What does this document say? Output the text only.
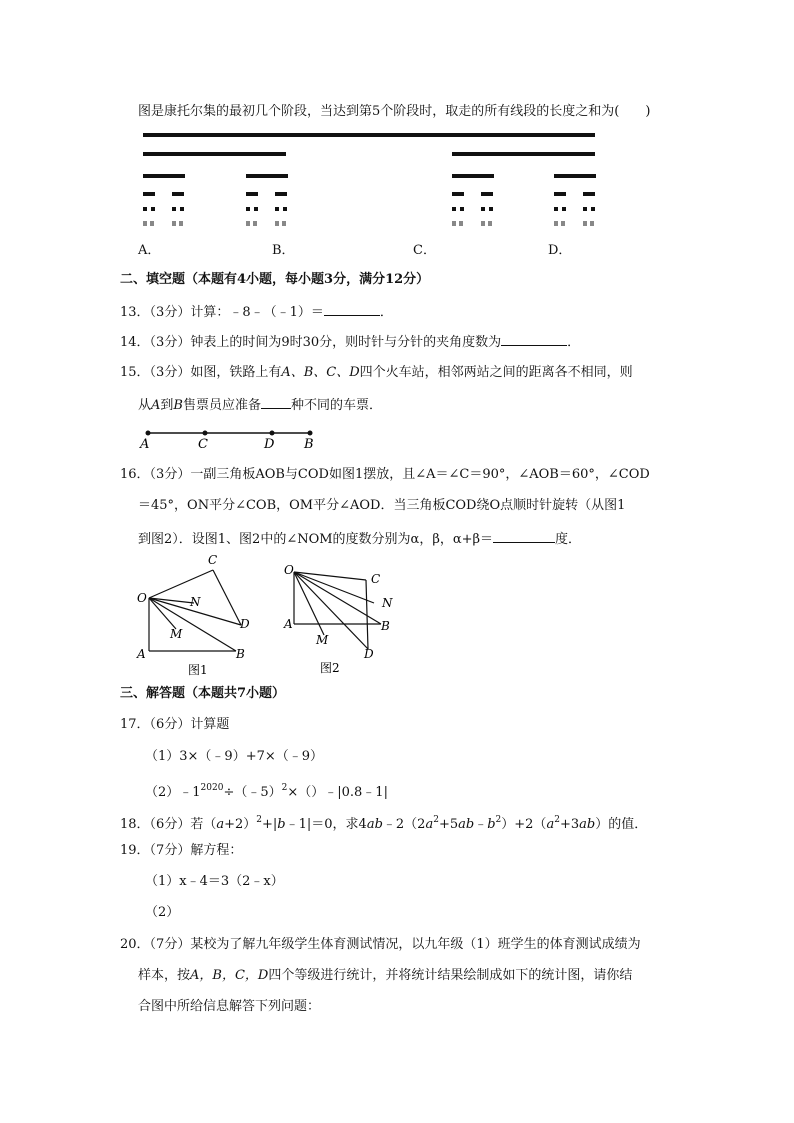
图是康托尔集的最初几个阶段，当达到第5个阶段时，取走的所有线段的长度之和为(　　)
A．	B．	C．	D．
二、填空题（本题有4小题，每小题3分，满分12分）
13．（3分）计算：﹣8﹣（﹣1）＝	．
14．（3分）钟表上的时间为9时30分，则时针与分针的夹角度数为	．
15．（3分）如图，铁路上有A、B、C、D四个火车站，相邻两站之间的距离各不相同，则
从A到B售票员应准备 种不同的车票．
A	C	D B
16．（3分）一副三角板AOB与COD如图1摆放，且∠A＝∠C＝90°，∠AOB＝60°，∠COD
＝45°，ON平分∠COB，OM平分∠AOD．当三角板COD绕O点顺时针旋转（从图1
到图2）．设图1、图2中的∠NOM的度数分别为α，β，α+β＝	度．
C
O	N
M
D
A	B
图1
O
C
N
A
M
B
D
图2
三、解答题（本题共7小题）
17．（6分）计算题
（1）3×（﹣9）+7×（﹣9）
$(2)﹣1^{2020}\div(﹣5)^2\times()﹣|0.8﹣1|$
18．（6分）若$(a+2)^2+|b﹣1|=0$，求$4ab﹣2(2a^2+5ab﹣b^2)+2(a^2+3ab)$的值．
19．（7分）解方程：
（1）x﹣4＝3（2﹣x）
（2）
20．（7分）某校为了解九年级学生体育测试情况，以九年级（1）班学生的体育测试成绩为
样本，按A，B，C，D四个等级进行统计，并将统计结果绘制成如下的统计图，请你结
合图中所给信息解答下列问题：
